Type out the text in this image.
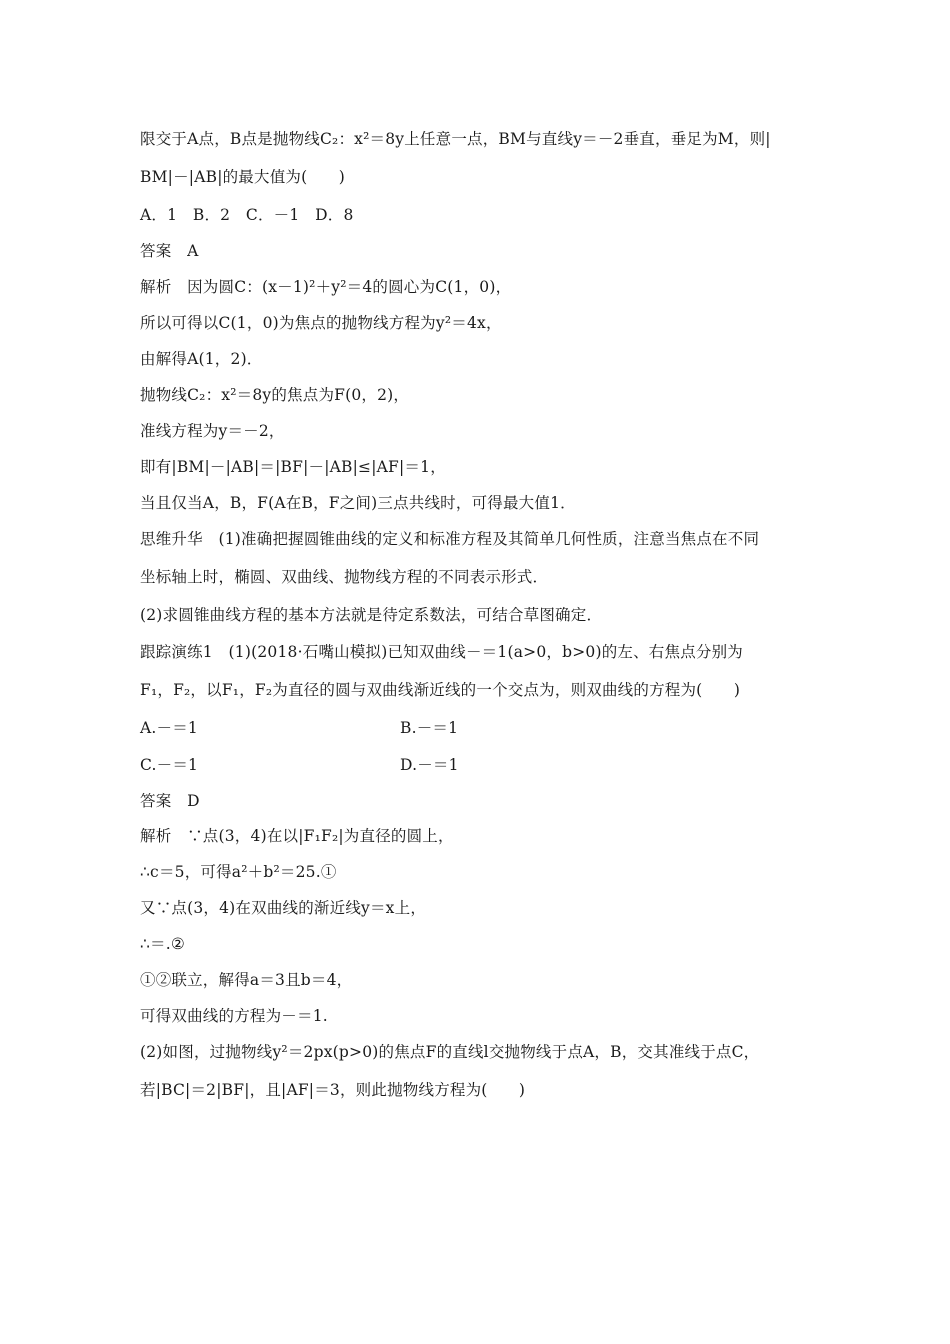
限交于A点，B点是抛物线C₂：x²＝8y上任意一点，BM与直线y＝－2垂直，垂足为M，则|
BM|－|AB|的最大值为(　　)
A．1　B．2　C．－1　D．8
答案　A
解析　因为圆C：(x－1)²＋y²＝4的圆心为C(1，0)，
所以可得以C(1，0)为焦点的抛物线方程为y²＝4x，
由解得A(1，2)．
抛物线C₂：x²＝8y的焦点为F(0，2)，
准线方程为y＝－2，
即有|BM|－|AB|＝|BF|－|AB|≤|AF|＝1，
当且仅当A，B，F(A在B，F之间)三点共线时，可得最大值1．
思维升华　(1)准确把握圆锥曲线的定义和标准方程及其简单几何性质，注意当焦点在不同
坐标轴上时，椭圆、双曲线、抛物线方程的不同表示形式．
(2)求圆锥曲线方程的基本方法就是待定系数法，可结合草图确定．
跟踪演练1　(1)(2018·石嘴山模拟)已知双曲线－＝1(a>0，b>0)的左、右焦点分别为
F₁，F₂，以F₁，F₂为直径的圆与双曲线渐近线的一个交点为，则双曲线的方程为(　　)
A.－＝1	B.－＝1
C.－＝1	D.－＝1
答案　D
解析　∵点(3，4)在以|F₁F₂|为直径的圆上，
∴c＝5，可得a²＋b²＝25.①
又∵点(3，4)在双曲线的渐近线y＝x上，
∴＝.②
①②联立，解得a＝3且b＝4，
可得双曲线的方程为－＝1.
(2)如图，过抛物线y²＝2px(p>0)的焦点F的直线l交抛物线于点A，B，交其准线于点C，
若|BC|＝2|BF|，且|AF|＝3，则此抛物线方程为(　　)
